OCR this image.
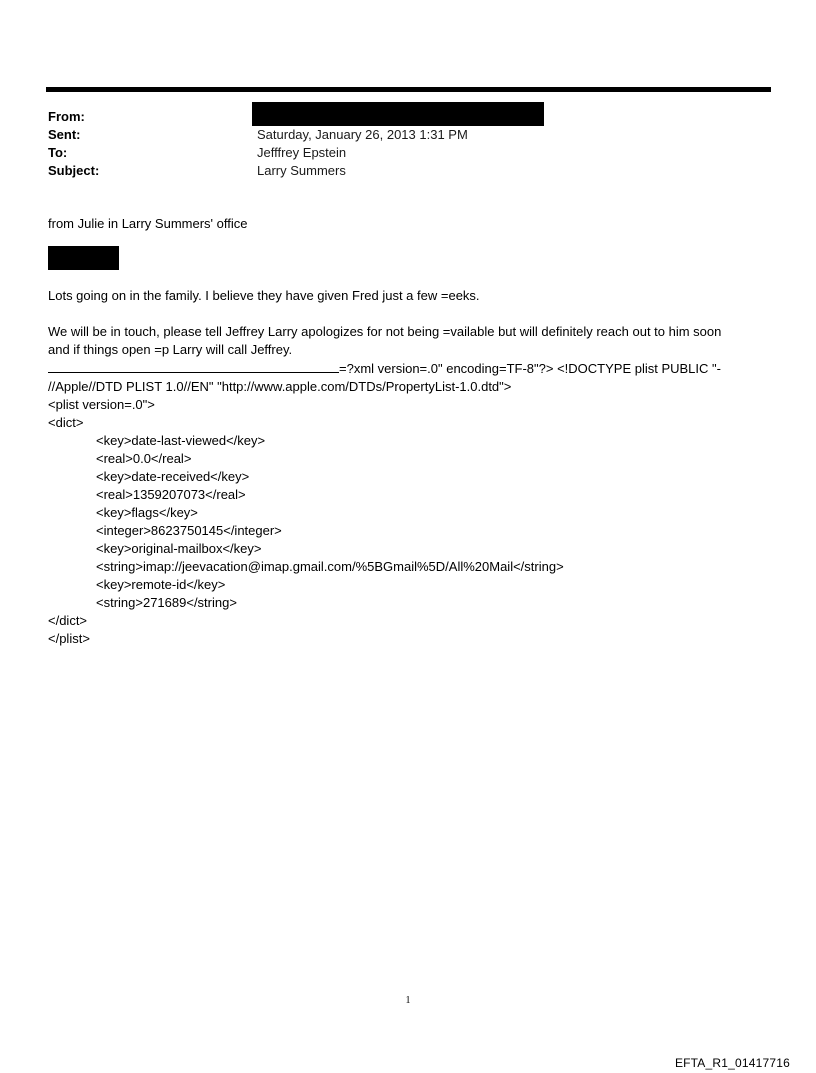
From:
Sent:	Saturday, January 26, 2013 1:31 PM
To:	Jefffrey Epstein
Subject:	Larry Summers
from Julie in Larry Summers' office
Lots going on in the family. I believe they have given Fred just a few =eeks.

We will be in touch, please tell Jeffrey Larry apologizes for not being =vailable but will definitely reach out to him soon

and if things open =p Larry will call Jeffrey.

=?xml version=.0" encoding=TF-8"?> <!DOCTYPE plist PUBLIC "-
//Apple//DTD PLIST 1.0//EN" "http://www.apple.com/DTDs/PropertyList-1.0.dtd">
<plist version=.0">
<dict>
<key>date-last-viewed</key>
<real>0.0</real>
<key>date-received</key>
<real>1359207073</real>
<key>flags</key>
<integer>8623750145</integer>
<key>original-mailbox</key>
<string>imap://jeevacation@imap.gmail.com/%5BGmail%5D/All%20Mail</string>
<key>remote-id</key>
<string>271689</string>
</dict>
</plist>
1
EFTA_R1_01417716
